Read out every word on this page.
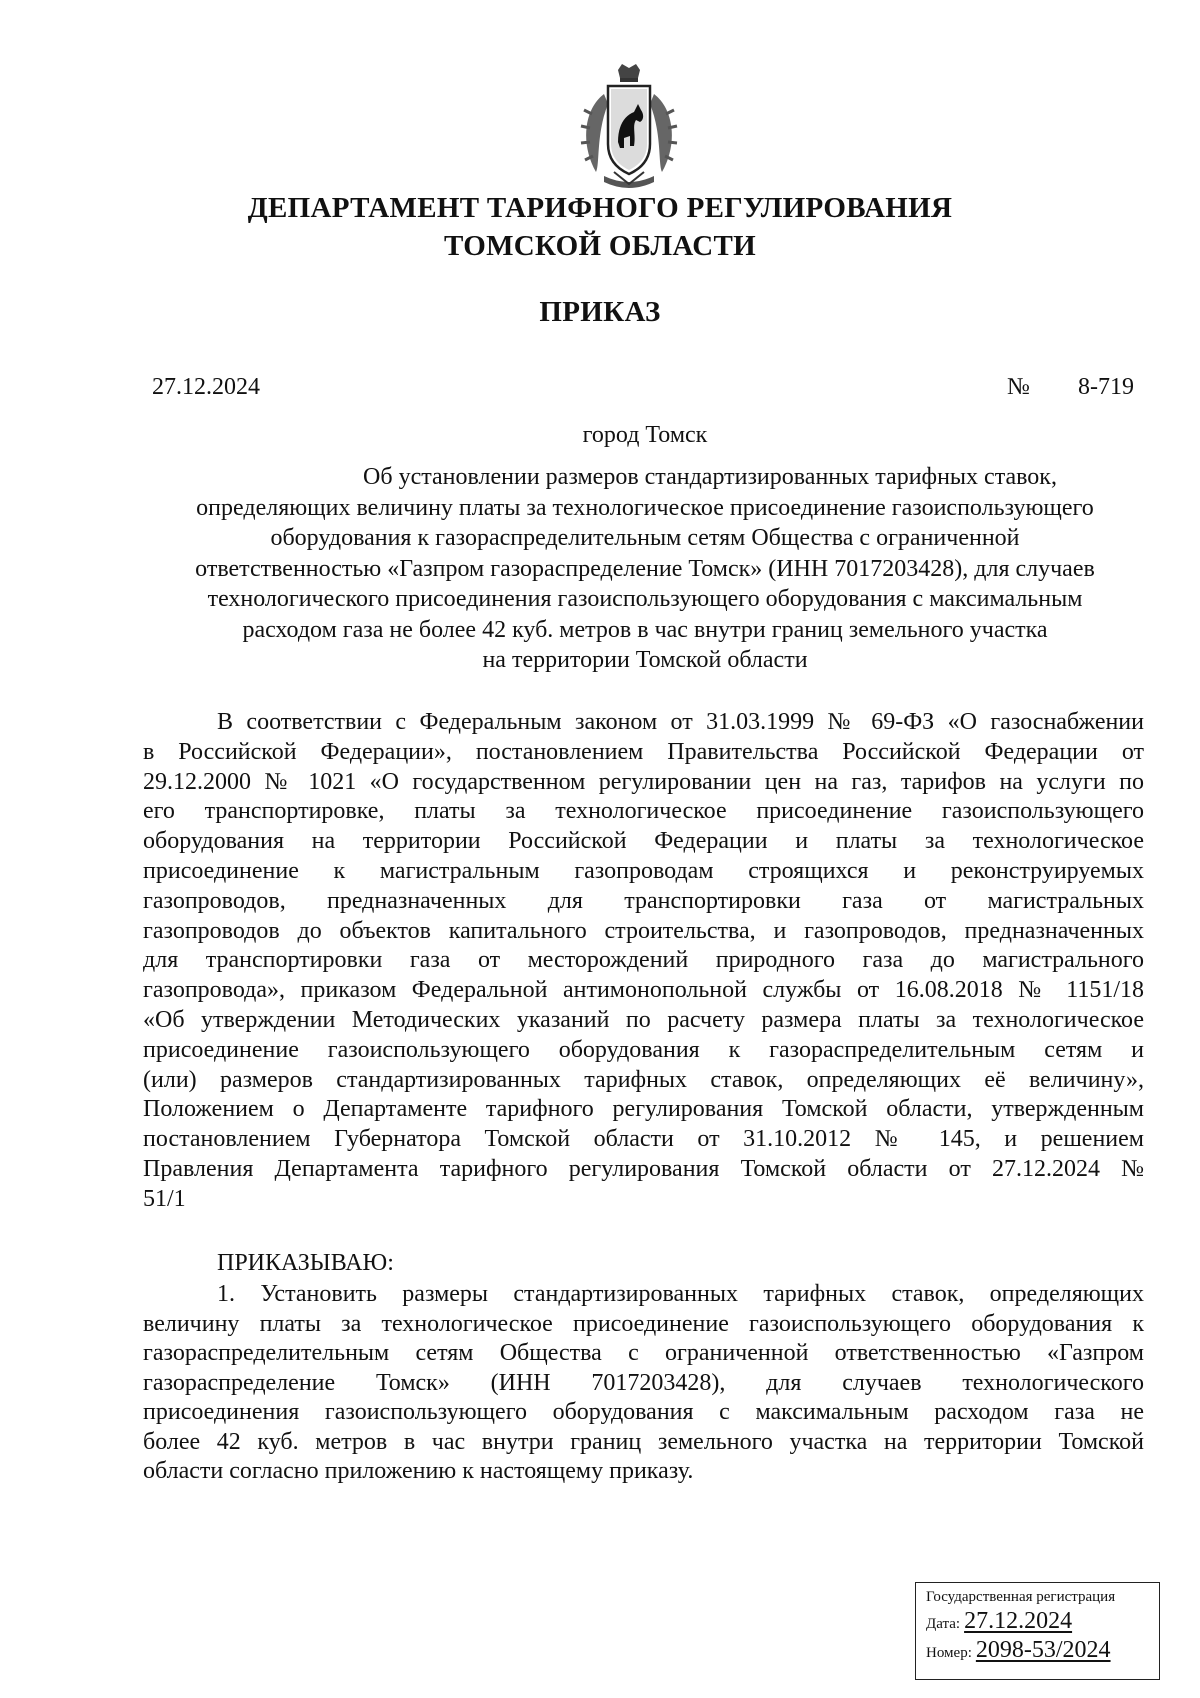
ДЕПАРТАМЕНТ ТАРИФНОГО РЕГУЛИРОВАНИЯ
ТОМСКОЙ ОБЛАСТИ
ПРИКАЗ
27.12.2024	№ 8-719
город Томск
Об установлении размеров стандартизированных тарифных ставок,
определяющих величину платы за технологическое присоединение газоиспользующего
оборудования к газораспределительным сетям Общества с ограниченной
ответственностью «Газпром газораспределение Томск» (ИНН 7017203428), для случаев
технологического присоединения газоиспользующего оборудования с максимальным
расходом газа не более 42 куб. метров в час внутри границ земельного участка
на территории Томской области
В соответствии с Федеральным законом от 31.03.1999 № 69-ФЗ «О газоснабжении
в Российской Федерации», постановлением Правительства Российской Федерации от
29.12.2000 № 1021 «О государственном регулировании цен на газ, тарифов на услуги по
его транспортировке, платы за технологическое присоединение газоиспользующего
оборудования на территории Российской Федерации и платы за технологическое
присоединение к магистральным газопроводам строящихся и реконструируемых
газопроводов, предназначенных для транспортировки газа от магистральных
газопроводов до объектов капитального строительства, и газопроводов, предназначенных
для транспортировки газа от месторождений природного газа до магистрального
газопровода», приказом Федеральной антимонопольной службы от 16.08.2018 № 1151/18
«Об утверждении Методических указаний по расчету размера платы за технологическое
присоединение газоиспользующего оборудования к газораспределительным сетям и
(или) размеров стандартизированных тарифных ставок, определяющих её величину»,
Положением о Департаменте тарифного регулирования Томской области, утвержденным
постановлением Губернатора Томской области от 31.10.2012 № 145, и решением
Правления Департамента тарифного регулирования Томской области от 27.12.2024 №
51/1
ПРИКАЗЫВАЮ:
1. Установить размеры стандартизированных тарифных ставок, определяющих
величину платы за технологическое присоединение газоиспользующего оборудования к
газораспределительным сетям Общества с ограниченной ответственностью «Газпром
газораспределение Томск» (ИНН 7017203428), для случаев технологического
присоединения газоиспользующего оборудования с максимальным расходом газа не
более 42 куб. метров в час внутри границ земельного участка на территории Томской
области согласно приложению к настоящему приказу.
Государственная регистрация
Дата: 27.12.2024
Номер: 2098-53/2024
